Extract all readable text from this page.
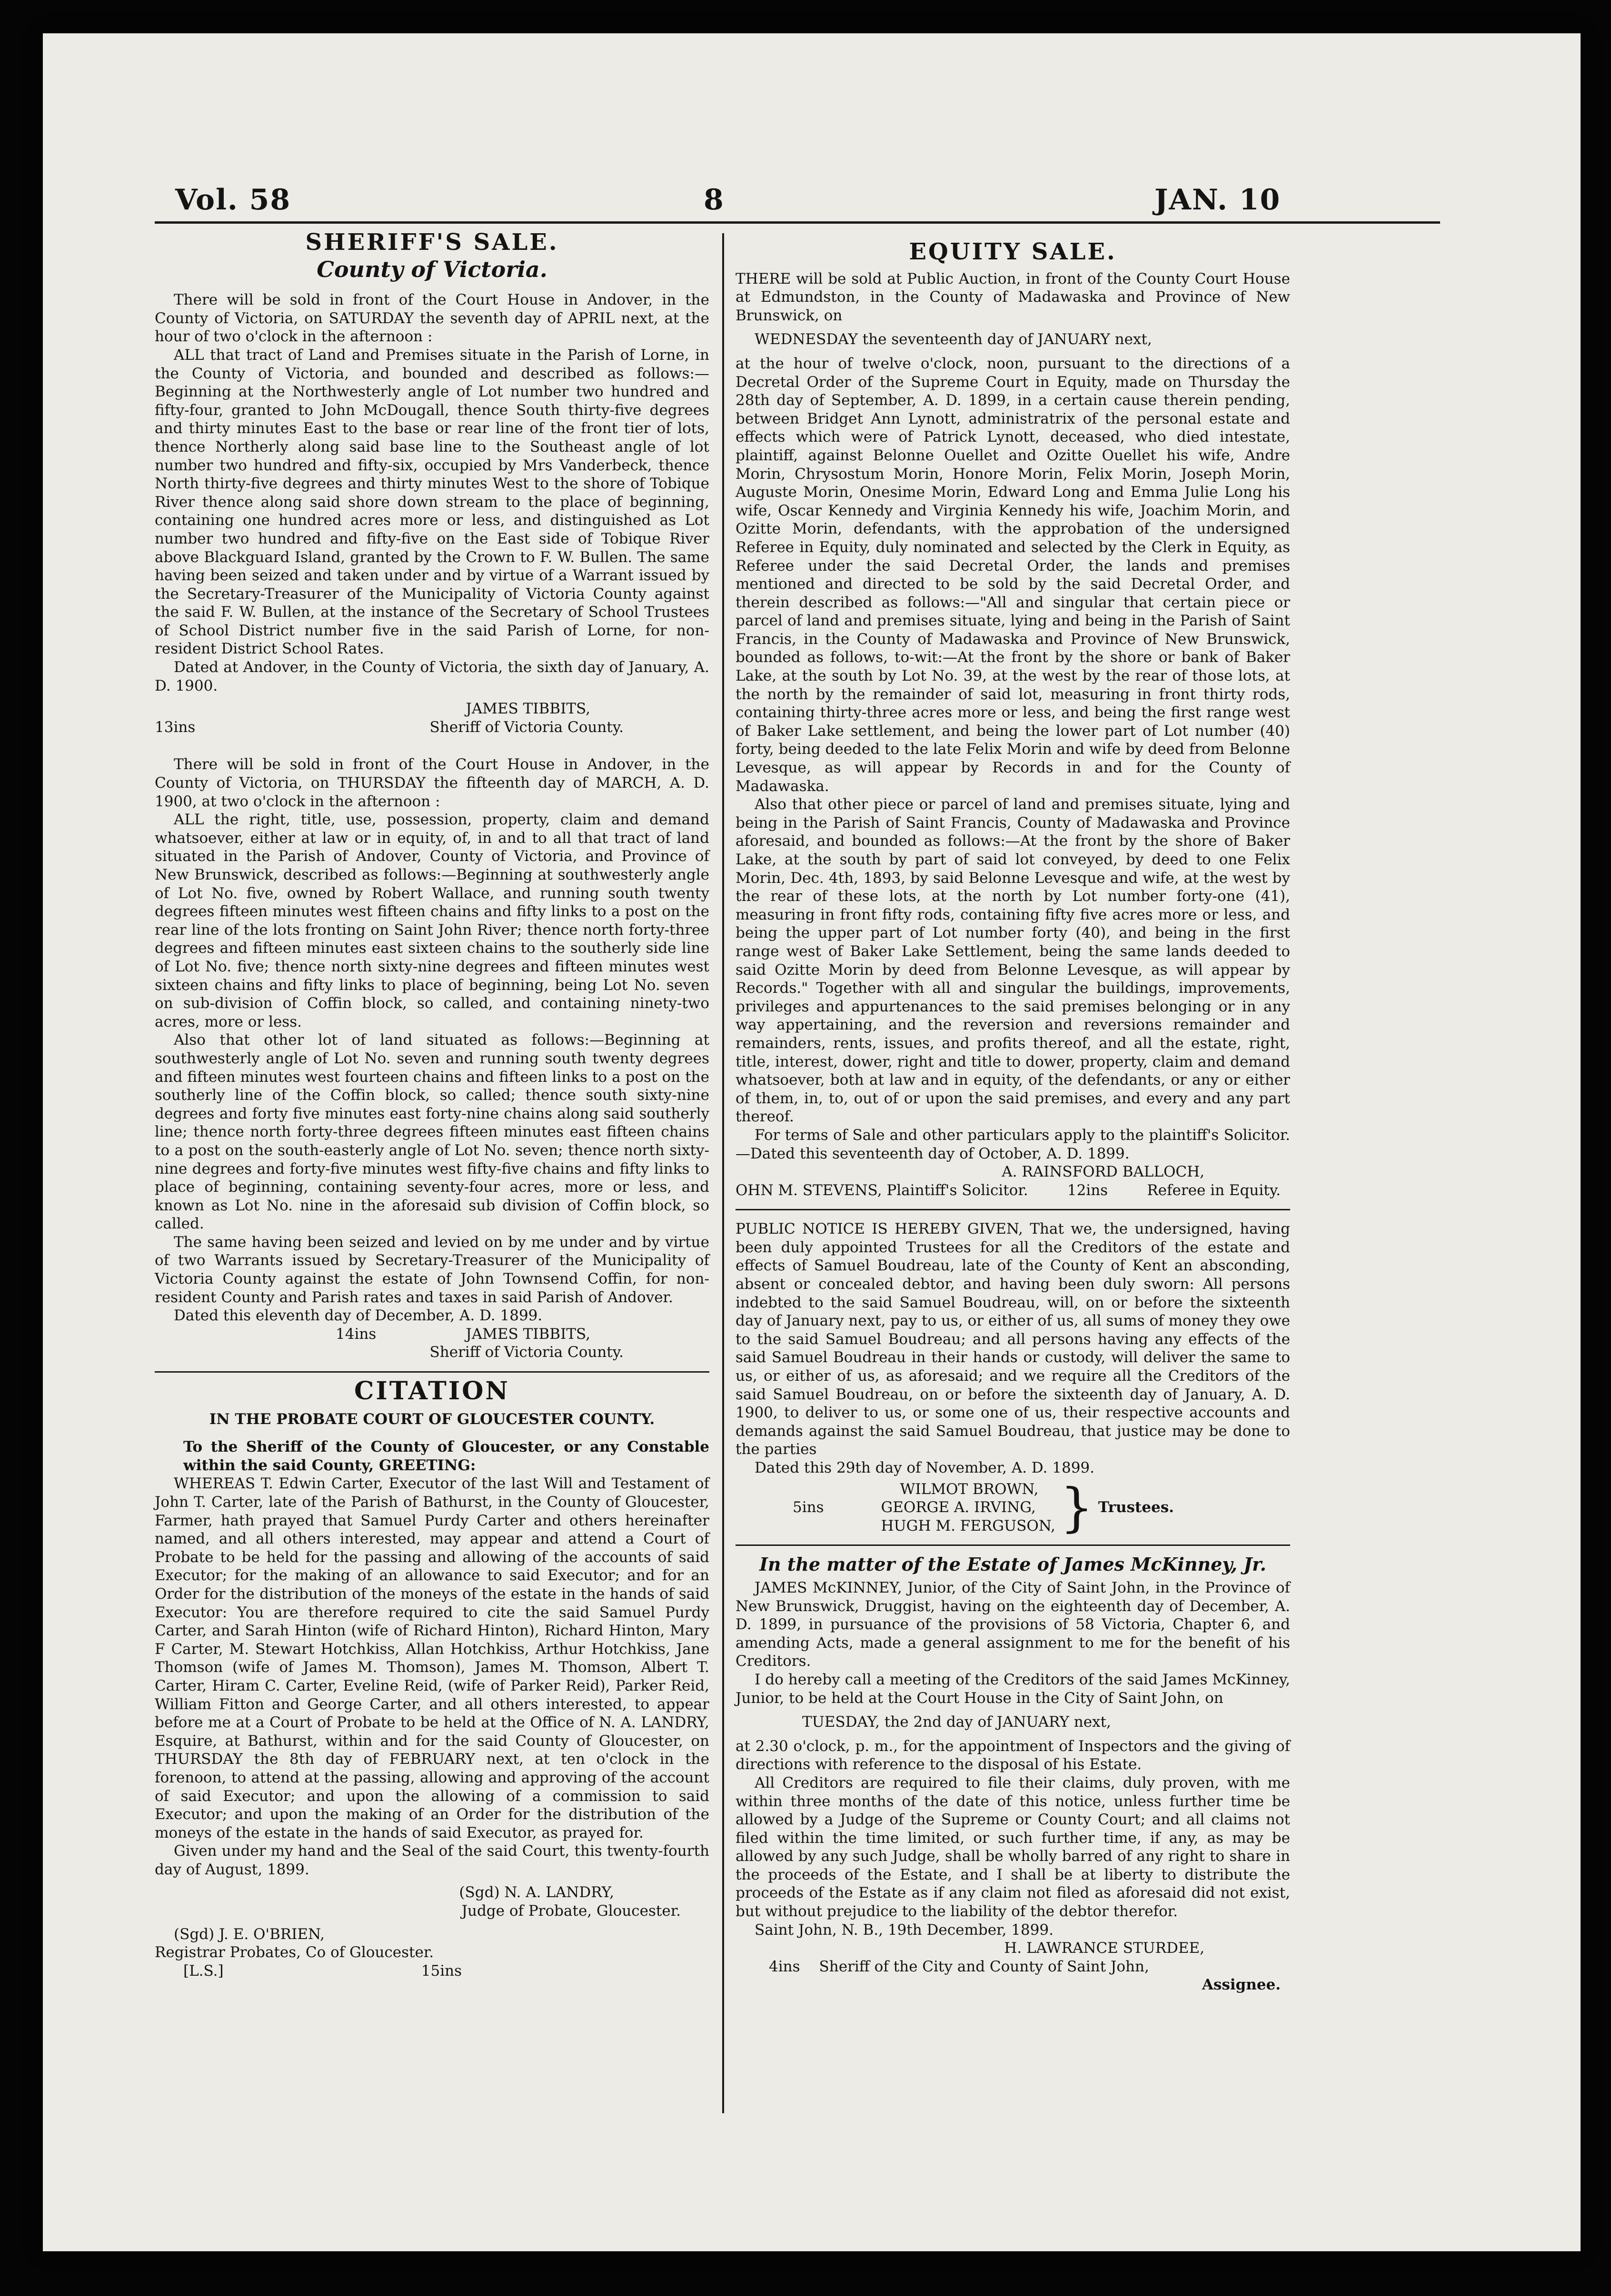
Vol. 58	8	JAN. 10
SHERIFF'S SALE.
County of Victoria.

There will be sold in front of the Court House in Andover, in the County of Victoria, on SATURDAY the seventh day of APRIL next, at the hour of two o'clock in the afternoon :

ALL that tract of Land and Premises situate in the Parish of Lorne, in the County of Victoria, and bounded and described as follows:—Beginning at the Northwesterly angle of Lot number two hundred and fifty-four, granted to John McDougall, thence South thirty-five degrees and thirty minutes East to the base or rear line of the front tier of lots, thence Northerly along said base line to the Southeast angle of lot number two hundred and fifty-six, occupied by Mrs Vanderbeck, thence North thirty-five degrees and thirty minutes West to the shore of Tobique River thence along said shore down stream to the place of beginning, containing one hundred acres more or less, and distinguished as Lot number two hundred and fifty-five on the East side of Tobique River above Blackguard Island, granted by the Crown to F. W. Bullen. The same having been seized and taken under and by virtue of a Warrant issued by the Secretary-Treasurer of the Municipality of Victoria County against the said F. W. Bullen, at the instance of the Secretary of School Trustees of School District number five in the said Parish of Lorne, for non-resident District School Rates.

Dated at Andover, in the County of Victoria, the sixth day of January, A. D. 1900.

JAMES TIBBITS,
13ins	Sheriff of Victoria County.

There will be sold in front of the Court House in Andover, in the County of Victoria, on THURSDAY the fifteenth day of MARCH, A. D. 1900, at two o'clock in the afternoon :

ALL the right, title, use, possession, property, claim and demand whatsoever, either at law or in equity, of, in and to all that tract of land situated in the Parish of Andover, County of Victoria, and Province of New Brunswick, described as follows:—Beginning at southwesterly angle of Lot No. five, owned by Robert Wallace, and running south twenty degrees fifteen minutes west fifteen chains and fifty links to a post on the rear line of the lots fronting on Saint John River; thence north forty-three degrees and fifteen minutes east sixteen chains to the southerly side line of Lot No. five; thence north sixty-nine degrees and fifteen minutes west sixteen chains and fifty links to place of beginning, being Lot No. seven on sub-division of Coffin block, so called, and containing ninety-two acres, more or less.

Also that other lot of land situated as follows:—Beginning at southwesterly angle of Lot No. seven and running south twenty degrees and fifteen minutes west fourteen chains and fifteen links to a post on the southerly line of the Coffin block, so called; thence south sixty-nine degrees and forty five minutes east forty-nine chains along said southerly line; thence north forty-three degrees fifteen minutes east fifteen chains to a post on the south-easterly angle of Lot No. seven; thence north sixty-nine degrees and forty-five minutes west fifty-five chains and fifty links to place of beginning, containing seventy-four acres, more or less, and known as Lot No. nine in the aforesaid sub division of Coffin block, so called.

The same having been seized and levied on by me under and by virtue of two Warrants issued by Secretary-Treasurer of the Municipality of Victoria County against the estate of John Townsend Coffin, for non-resident County and Parish rates and taxes in said Parish of Andover.

Dated this eleventh day of December, A. D. 1899.

14ins	JAMES TIBBITS,
Sheriff of Victoria County.
CITATION
IN THE PROBATE COURT OF GLOUCESTER COUNTY.

To the Sheriff of the County of Gloucester, or any Constable within the said County, GREETING:

WHEREAS T. Edwin Carter, Executor of the last Will and Testament of John T. Carter, late of the Parish of Bathurst, in the County of Gloucester, Farmer, hath prayed that Samuel Purdy Carter and others hereinafter named, and all others interested, may appear and attend a Court of Probate to be held for the passing and allowing of the accounts of said Executor; for the making of an allowance to said Executor; and for an Order for the distribution of the moneys of the estate in the hands of said Executor: You are therefore required to cite the said Samuel Purdy Carter, and Sarah Hinton (wife of Richard Hinton), Richard Hinton, Mary F Carter, M. Stewart Hotchkiss, Allan Hotchkiss, Arthur Hotchkiss, Jane Thomson (wife of James M. Thomson), James M. Thomson, Albert T. Carter, Hiram C. Carter, Eveline Reid, (wife of Parker Reid), Parker Reid, William Fitton and George Carter, and all others interested, to appear before me at a Court of Probate to be held at the Office of N. A. LANDRY, Esquire, at Bathurst, within and for the said County of Gloucester, on THURSDAY the 8th day of FEBRUARY next, at ten o'clock in the forenoon, to attend at the passing, allowing and approving of the account of said Executor; and upon the allowing of a commission to said Executor; and upon the making of an Order for the distribution of the moneys of the estate in the hands of said Executor, as prayed for.

Given under my hand and the Seal of the said Court, this twenty-fourth day of August, 1899.

(Sgd) N. A. LANDRY,
Judge of Probate, Gloucester.
(Sgd) J. E. O'BRIEN,
Registrar Probates, Co of Gloucester.
[L.S.]	15ins
EQUITY SALE.

THERE will be sold at Public Auction, in front of the County Court House at Edmundston, in the County of Madawaska and Province of New Brunswick, on

WEDNESDAY the seventeenth day of JANUARY next,

at the hour of twelve o'clock, noon, pursuant to the directions of a Decretal Order of the Supreme Court in Equity, made on Thursday the 28th day of September, A. D. 1899, in a certain cause therein pending, between Bridget Ann Lynott, administratrix of the personal estate and effects which were of Patrick Lynott, deceased, who died intestate, plaintiff, against Belonne Ouellet and Ozitte Ouellet his wife, Andre Morin, Chrysostum Morin, Honore Morin, Felix Morin, Joseph Morin, Auguste Morin, Onesime Morin, Edward Long and Emma Julie Long his wife, Oscar Kennedy and Virginia Kennedy his wife, Joachim Morin, and Ozitte Morin, defendants, with the approbation of the undersigned Referee in Equity, duly nominated and selected by the Clerk in Equity, as Referee under the said Decretal Order, the lands and premises mentioned and directed to be sold by the said Decretal Order, and therein described as follows:—"All and singular that certain piece or parcel of land and premises situate, lying and being in the Parish of Saint Francis, in the County of Madawaska and Province of New Brunswick, bounded as follows, to-wit:—At the front by the shore or bank of Baker Lake, at the south by Lot No. 39, at the west by the rear of those lots, at the north by the remainder of said lot, measuring in front thirty rods, containing thirty-three acres more or less, and being the first range west of Baker Lake settlement, and being the lower part of Lot number (40) forty, being deeded to the late Felix Morin and wife by deed from Belonne Levesque, as will appear by Records in and for the County of Madawaska.

Also that other piece or parcel of land and premises situate, lying and being in the Parish of Saint Francis, County of Madawaska and Province aforesaid, and bounded as follows:—At the front by the shore of Baker Lake, at the south by part of said lot conveyed, by deed to one Felix Morin, Dec. 4th, 1893, by said Belonne Levesque and wife, at the west by the rear of these lots, at the north by Lot number forty-one (41), measuring in front fifty rods, containing fifty five acres more or less, and being the upper part of Lot number forty (40), and being in the first range west of Baker Lake Settlement, being the same lands deeded to said Ozitte Morin by deed from Belonne Levesque, as will appear by Records." Together with all and singular the buildings, improvements, privileges and appurtenances to the said premises belonging or in any way appertaining, and the reversion and reversions remainder and remainders, rents, issues, and profits thereof, and all the estate, right, title, interest, dower, right and title to dower, property, claim and demand whatsoever, both at law and in equity, of the defendants, or any or either of them, in, to, out of or upon the said premises, and every and any part thereof.

For terms of Sale and other particulars apply to the plaintiff's Solicitor.—Dated this seventeenth day of October, A. D. 1899.

A. RAINSFORD BALLOCH,
OHN M. STEVENS, Plaintiff's Solicitor.	12ins	Referee in Equity.

PUBLIC NOTICE IS HEREBY GIVEN, That we, the undersigned, having been duly appointed Trustees for all the Creditors of the estate and effects of Samuel Boudreau, late of the County of Kent an absconding, absent or concealed debtor, and having been duly sworn: All persons indebted to the said Samuel Boudreau, will, on or before the sixteenth day of January next, pay to us, or either of us, all sums of money they owe to the said Samuel Boudreau; and all persons having any effects of the said Samuel Boudreau in their hands or custody, will deliver the same to us, or either of us, as aforesaid; and we require all the Creditors of the said Samuel Boudreau, on or before the sixteenth day of January, A. D. 1900, to deliver to us, or some one of us, their respective accounts and demands against the said Samuel Boudreau, that justice may be done to the parties

Dated this 29th day of November, A. D. 1899.

5ins
WILMOT BROWN,
GEORGE A. IRVING,
HUGH M. FERGUSON, } Trustees.
In the matter of the Estate of James McKinney, Jr.

JAMES McKINNEY, Junior, of the City of Saint John, in the Province of New Brunswick, Druggist, having on the eighteenth day of December, A. D. 1899, in pursuance of the provisions of 58 Victoria, Chapter 6, and amending Acts, made a general assignment to me for the benefit of his Creditors.

I do hereby call a meeting of the Creditors of the said James McKinney, Junior, to be held at the Court House in the City of Saint John, on

TUESDAY, the 2nd day of JANUARY next,

at 2.30 o'clock, p. m., for the appointment of Inspectors and the giving of directions with reference to the disposal of his Estate.

All Creditors are required to file their claims, duly proven, with me within three months of the date of this notice, unless further time be allowed by a Judge of the Supreme or County Court; and all claims not filed within the time limited, or such further time, if any, as may be allowed by any such Judge, shall be wholly barred of any right to share in the proceeds of the Estate, and I shall be at liberty to distribute the proceeds of the Estate as if any claim not filed as aforesaid did not exist, but without prejudice to the liability of the debtor therefor.

Saint John, N. B., 19th December, 1899.

H. LAWRANCE STURDEE,
4ins Sheriff of the City and County of Saint John,
Assignee.
